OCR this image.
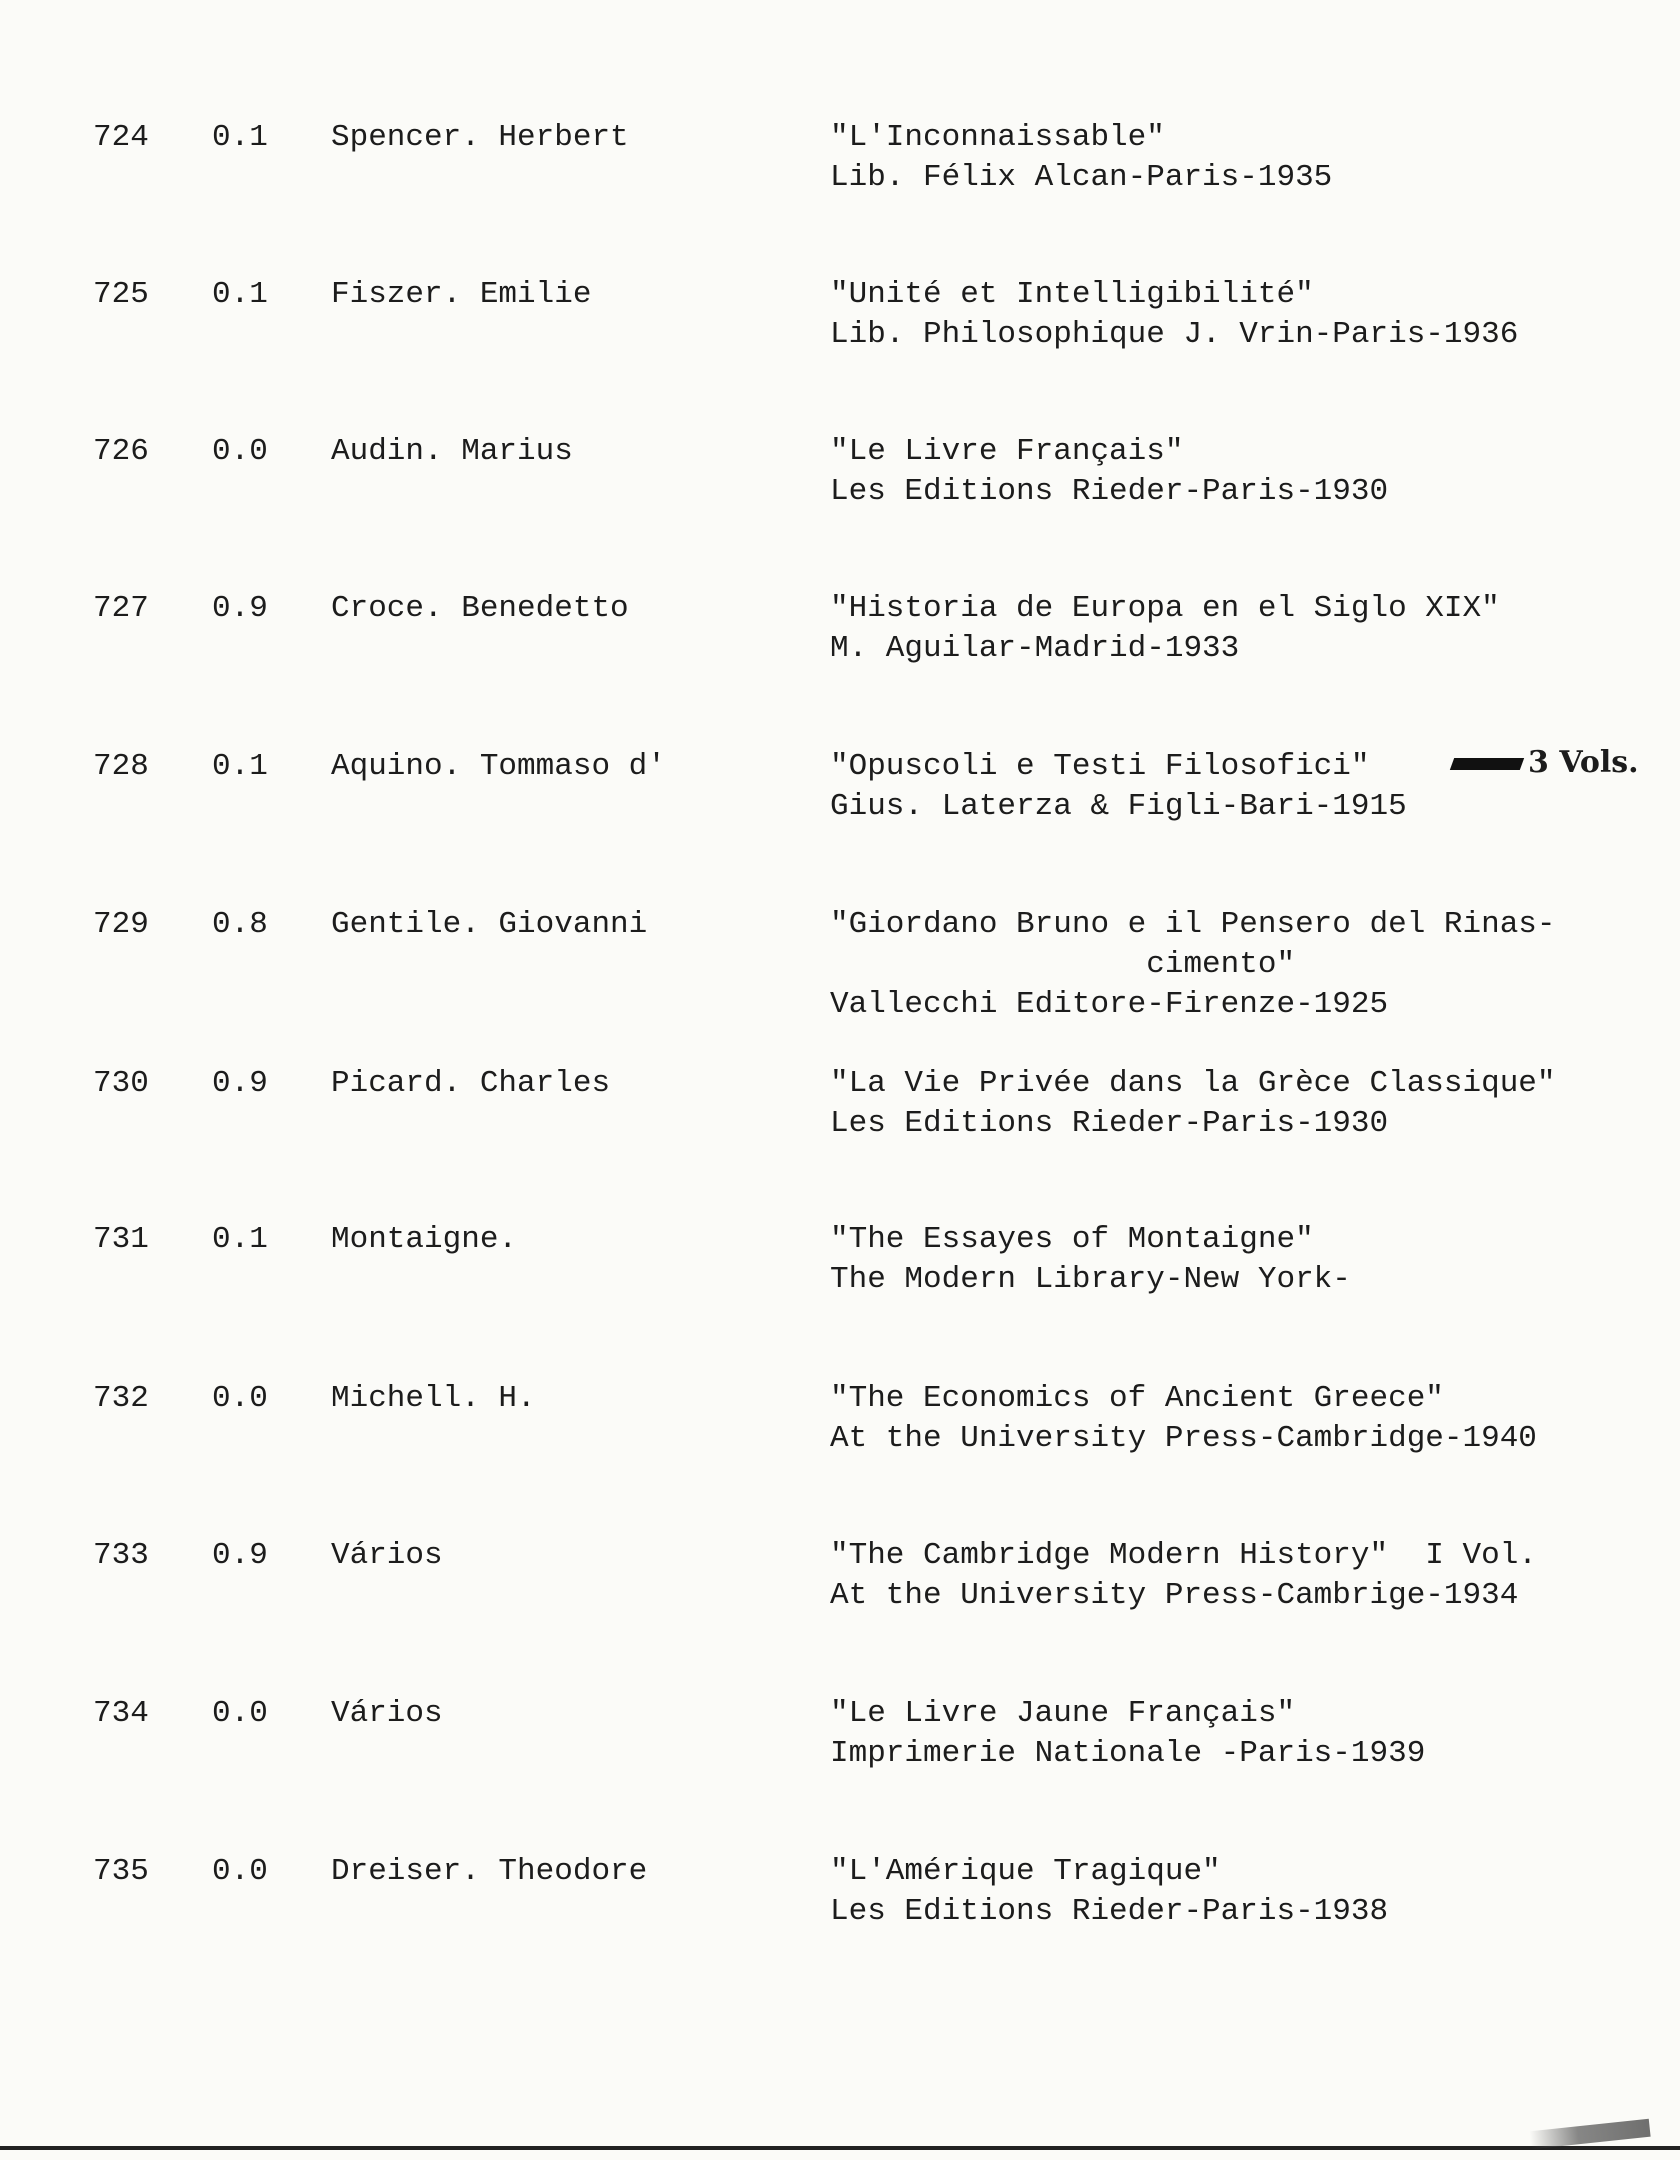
724 0.1 Spencer. Herbert	"L'Inconnaissable"
Lib. Félix Alcan-Paris-1935
725 0.1 Fiszer. Emilie	"Unité et Intelligibilité"
Lib. Philosophique J. Vrin-Paris-1936
726 0.0 Audin. Marius	"Le Livre Français"
Les Editions Rieder-Paris-1930
727 0.9 Croce. Benedetto	"Historia de Europa en el Siglo XIX"
M. Aguilar-Madrid-1933
728 0.1 Aquino. Tommaso d'	"Opuscoli e Testi Filosofici"	3 Vols.
Gius. Laterza & Figli-Bari-1915
729 0.8 Gentile. Giovanni	"Giordano Bruno e il Pensero del Rinas-
cimento"
Vallecchi Editore-Firenze-1925
730 0.9 Picard. Charles	"La Vie Privée dans la Grèce Classique"
Les Editions Rieder-Paris-1930
731 0.1 Montaigne.	"The Essayes of Montaigne"
The Modern Library-New York-
732 0.0 Michell. H.	"The Economics of Ancient Greece"
At the University Press-Cambridge-1940
733 0.9 Vários	"The Cambridge Modern History"  I Vol.
At the University Press-Cambrige-1934
734 0.0 Vários	"Le Livre Jaune Français"
Imprimerie Nationale -Paris-1939
735 0.0 Dreiser. Theodore	"L'Amérique Tragique"
Les Editions Rieder-Paris-1938
